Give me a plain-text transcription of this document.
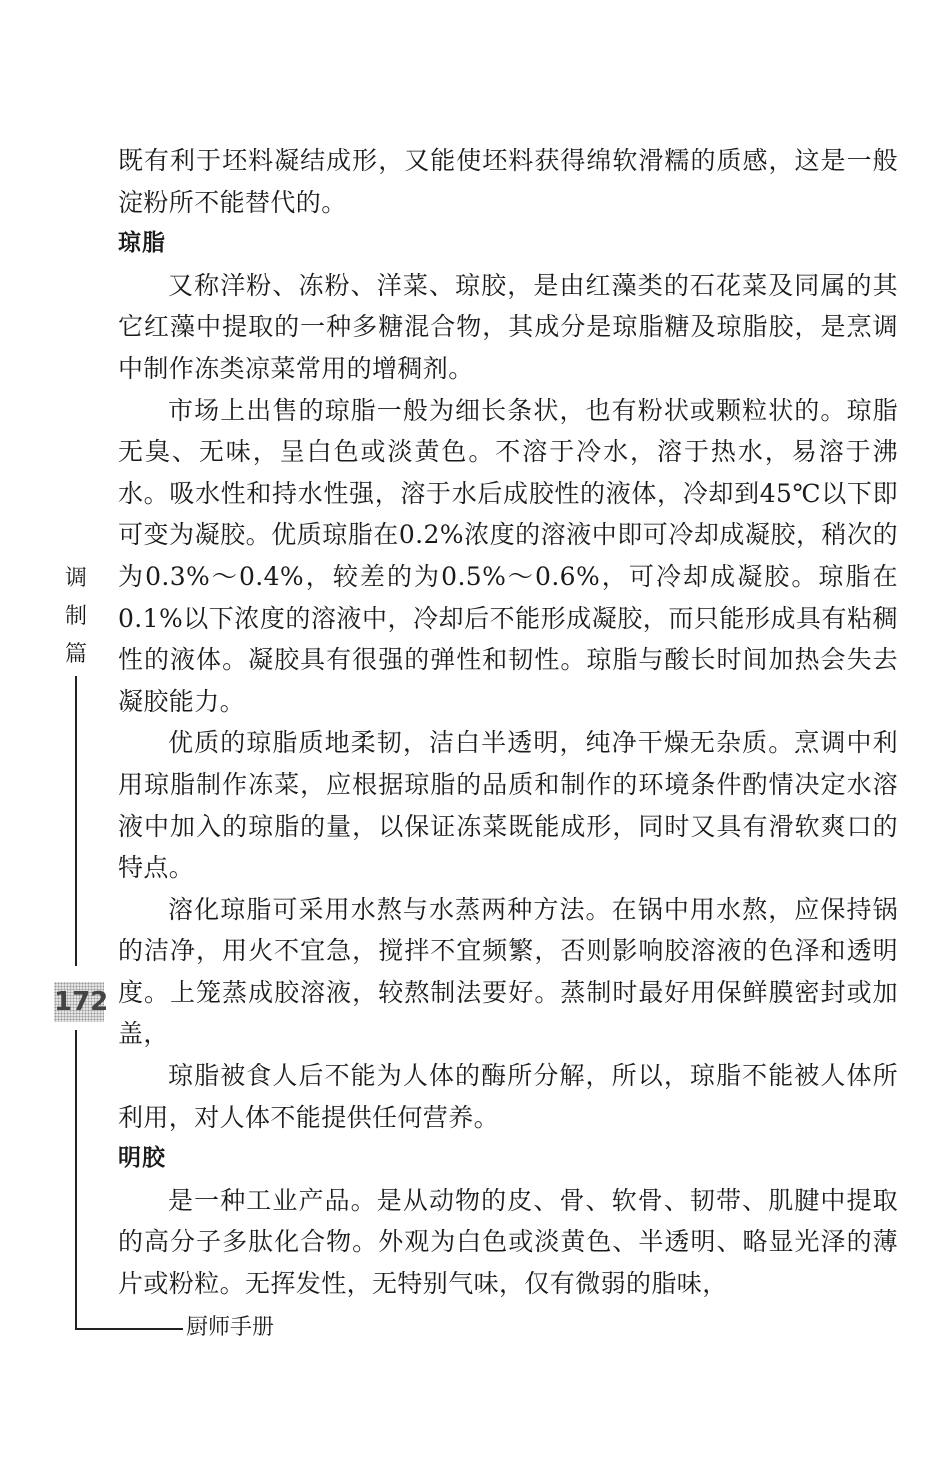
既有利于坯料凝结成形，又能使坯料获得绵软滑糯的质感，这是一般淀粉所不能替代的。

琼脂

又称洋粉、冻粉、洋菜、琼胶，是由红藻类的石花菜及同属的其它红藻中提取的一种多糖混合物，其成分是琼脂糖及琼脂胶，是烹调中制作冻类凉菜常用的增稠剂。

市场上出售的琼脂一般为细长条状，也有粉状或颗粒状的。琼脂无臭、无味，呈白色或淡黄色。不溶于冷水，溶于热水，易溶于沸水。吸水性和持水性强，溶于水后成胶性的液体，冷却到45℃以下即可变为凝胶。优质琼脂在0.2%浓度的溶液中即可冷却成凝胶，稍次的为0.3%～0.4%，较差的为0.5%～0.6%，可冷却成凝胶。琼脂在0.1%以下浓度的溶液中，冷却后不能形成凝胶，而只能形成具有粘稠性的液体。凝胶具有很强的弹性和韧性。琼脂与酸长时间加热会失去凝胶能力。

优质的琼脂质地柔韧，洁白半透明，纯净干燥无杂质。烹调中利用琼脂制作冻菜，应根据琼脂的品质和制作的环境条件酌情决定水溶液中加入的琼脂的量，以保证冻菜既能成形，同时又具有滑软爽口的特点。

溶化琼脂可采用水熬与水蒸两种方法。在锅中用水熬，应保持锅的洁净，用火不宜急，搅拌不宜频繁，否则影响胶溶液的色泽和透明度。上笼蒸成胶溶液，较熬制法要好。蒸制时最好用保鲜膜密封或加盖，

琼脂被食人后不能为人体的酶所分解，所以，琼脂不能被人体所利用，对人体不能提供任何营养。

明胶

是一种工业产品。是从动物的皮、骨、软骨、韧带、肌腱中提取的高分子多肽化合物。外观为白色或淡黄色、半透明、略显光泽的薄片或粉粒。无挥发性，无特别气味，仅有微弱的脂味，

调
制
篇
172
厨师手册
